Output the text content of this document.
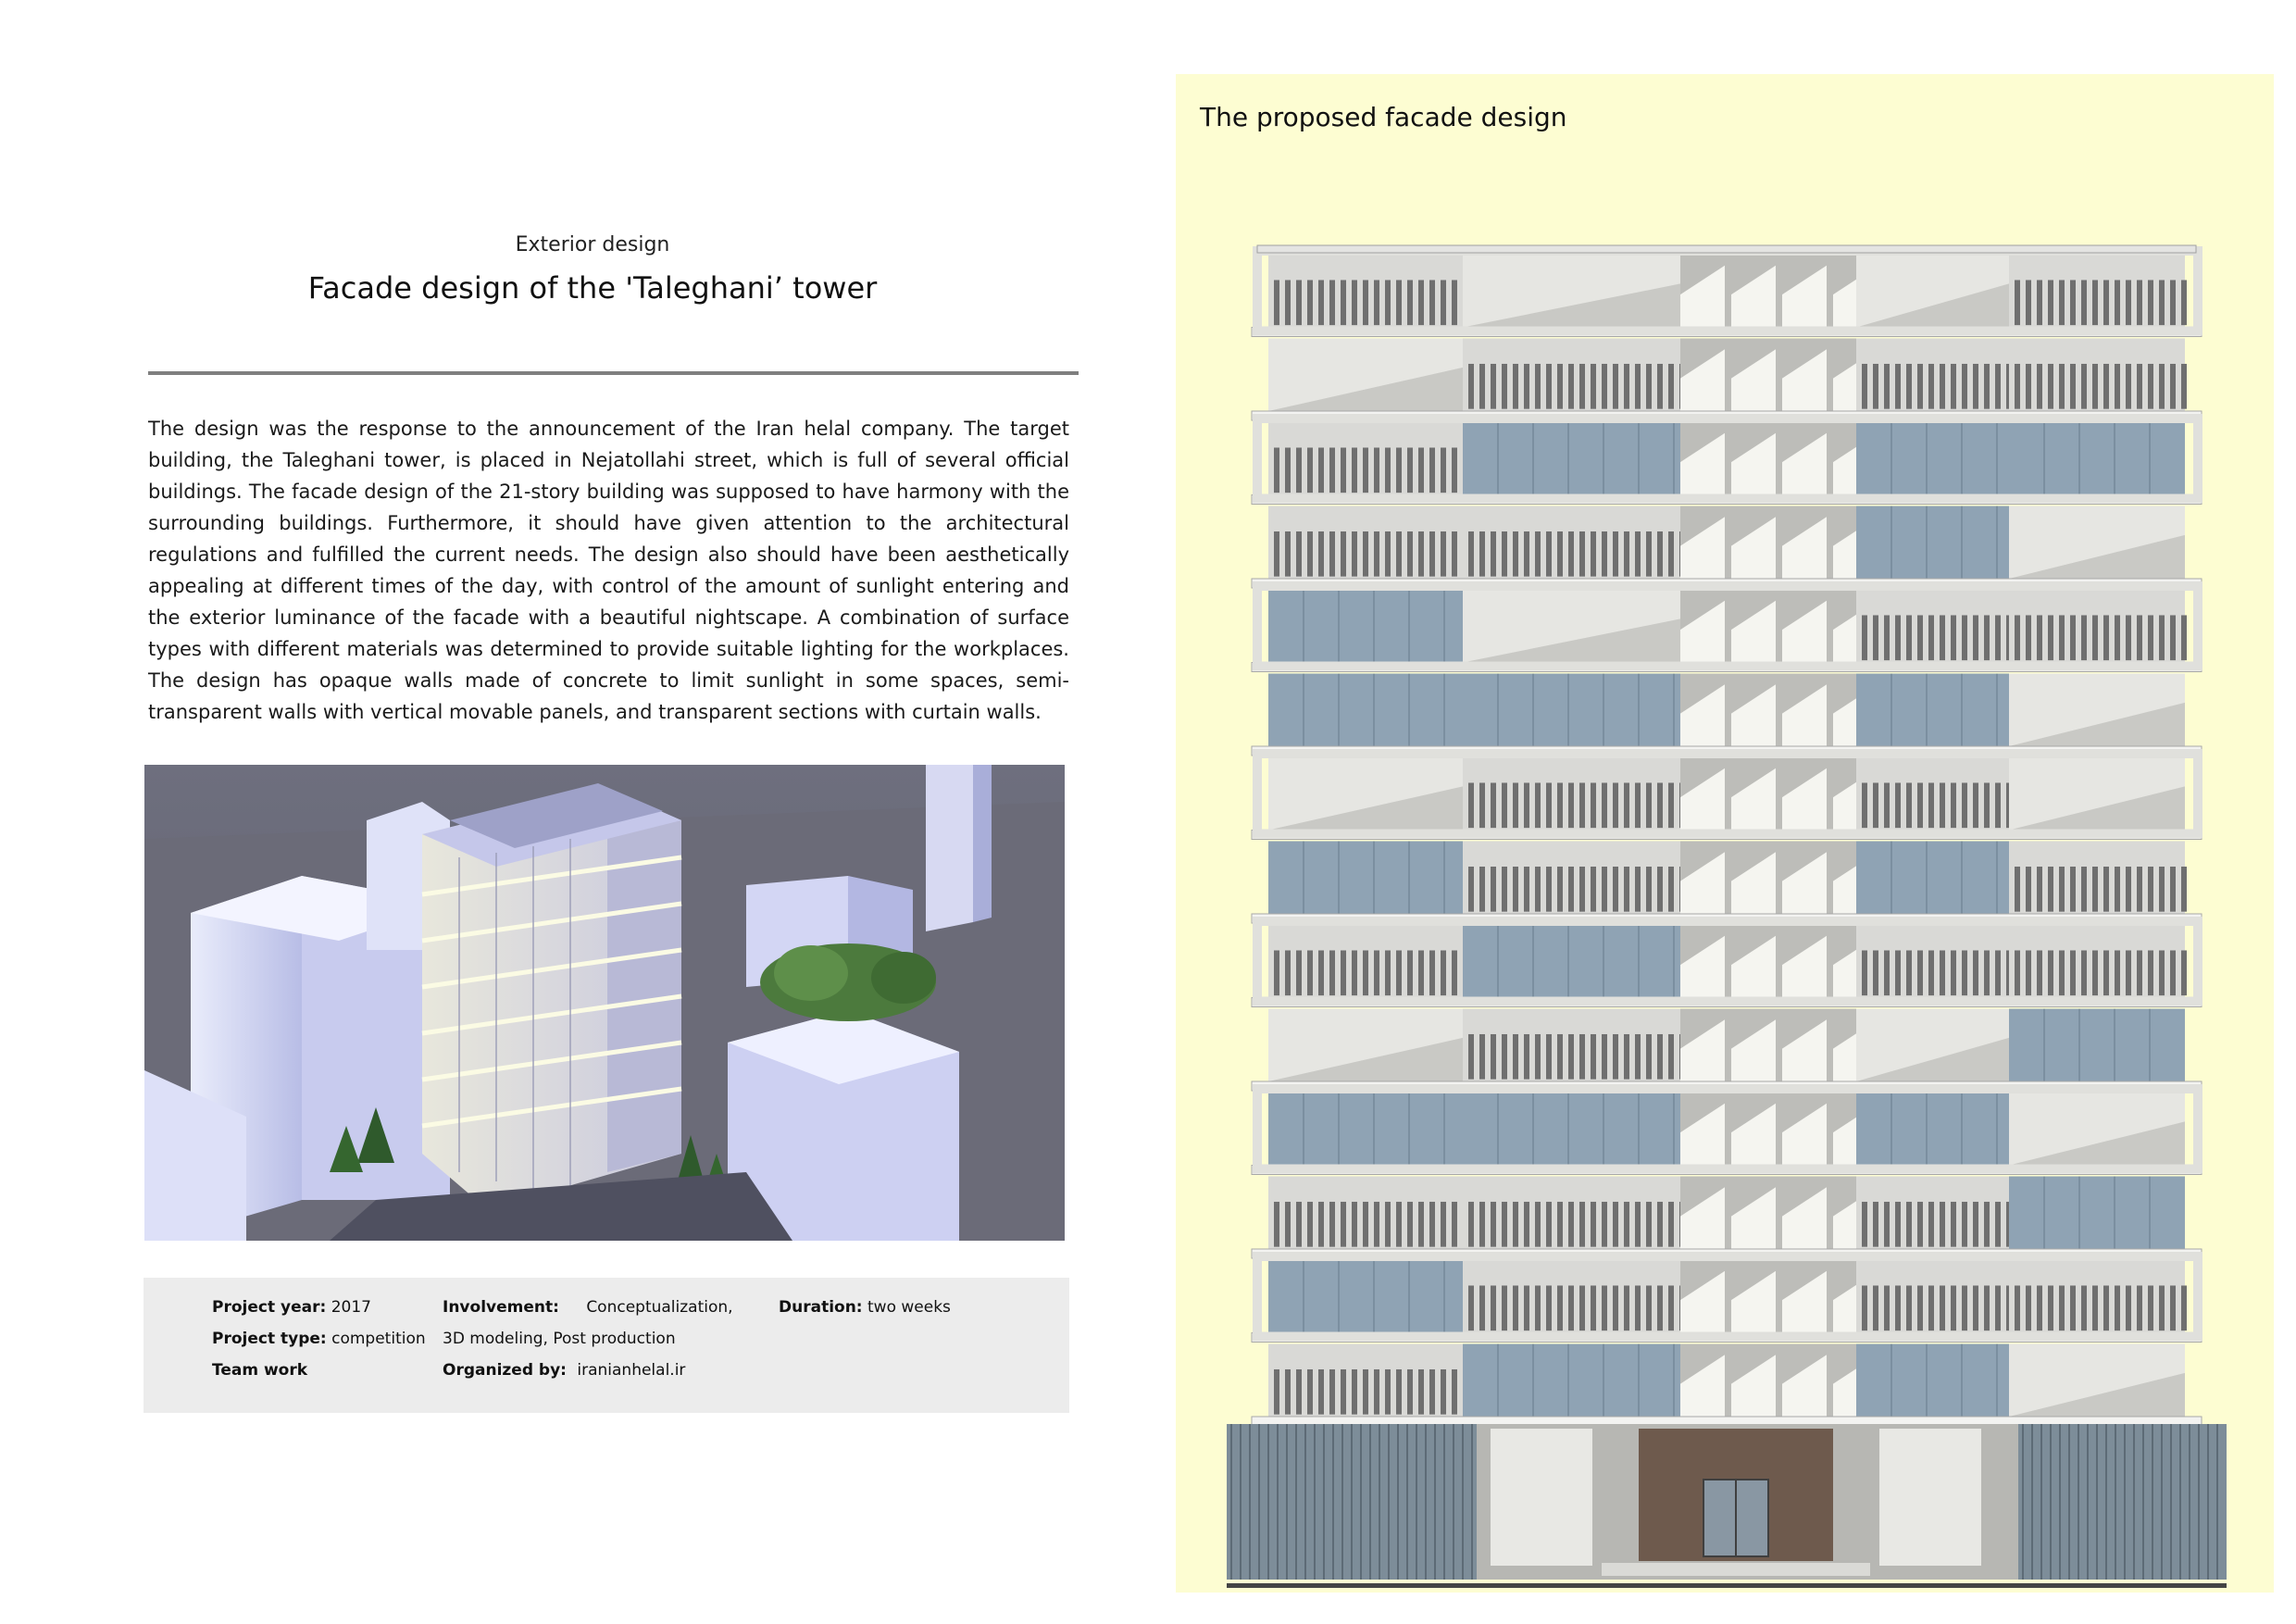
Exterior design
Facade design of the 'Taleghani’ tower
The design was the response to the announcement of the Iran helal company. The target building, the Taleghani tower, is placed in Nejatollahi street, which is full of several official buildings. The facade design of the 21-story building was supposed to have harmony with the surrounding buildings. Furthermore, it should have given attention to the architectural regulations and fulfilled the current needs. The design also should have been aesthetically appealing at different times of the day, with control of the amount of sunlight entering and the exterior luminance of the facade with a beautiful nightscape. A combination of surface types with different materials was determined to provide suitable lighting for the workplaces. The design has opaque walls made of concrete to limit sunlight in some spaces, semi-transparent walls with vertical movable panels, and transparent sections with curtain walls.
Project year: 2017
Project type: competition
Team work
Involvement: Conceptualization,
3D modeling, Post production
Organized by: iranianhelal.ir
Duration: two weeks
The proposed facade design
